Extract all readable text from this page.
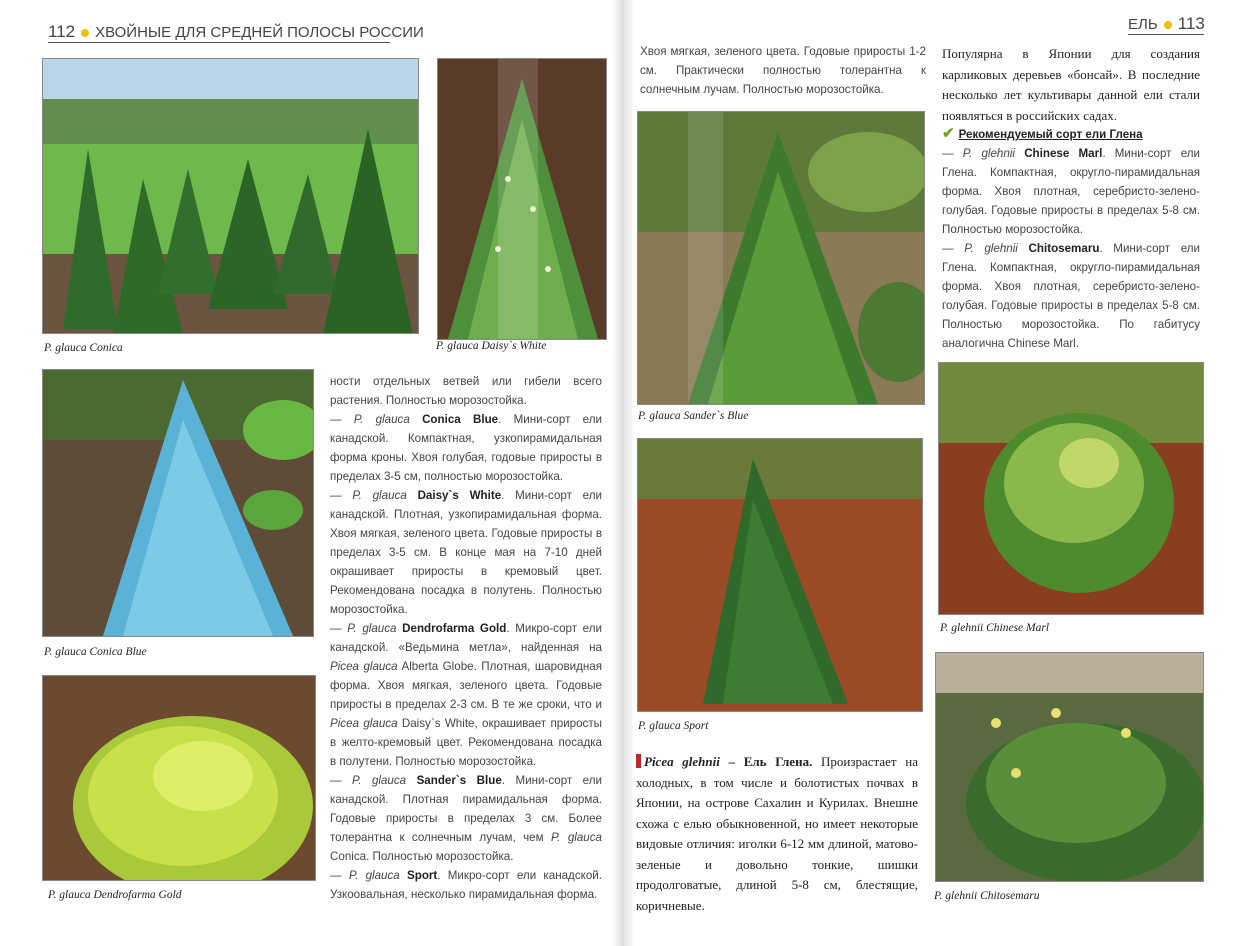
112 ХВОЙНЫЕ ДЛЯ СРЕДНЕЙ ПОЛОСЫ РОССИИ	ЕЛЬ 113
P. glauca Conica	P. glauca Daisy`s White
P. glauca Conica Blue
P. glauca Dendrofarma Gold

ности отдельных ветвей или гибели всего растения. Полностью морозостойка.

— P. glauca Conica Blue. Мини-сорт ели канадской. Компактная, узкопирамидальная форма кроны. Хвоя голубая, годовые приросты в пределах 3-5 см, полностью морозостойка.

— P. glauca Daisy`s White. Мини-сорт ели канадской. Плотная, узкопирамидальная форма. Хвоя мягкая, зеленого цвета. Годовые приросты в пределах 3-5 см. В конце мая на 7-10 дней окрашивает приросты в кремовый цвет. Рекомендована посадка в полутень. Полностью морозостойка.

— P. glauca Dendrofarma Gold. Микро-сорт ели канадской. «Ведьмина метла», найденная на Picea glauca Alberta Globe. Плотная, шаровидная форма. Хвоя мягкая, зеленого цвета. Годовые приросты в пределах 2-3 см. В те же сроки, что и Picea glauca Daisy`s White, окрашивает приросты в желто-кремовый цвет. Рекомендована посадка в полутени. Полностью морозостойка.

— P. glauca Sander`s Blue. Мини-сорт ели канадской. Плотная пирамидальная форма. Годовые приросты в пределах 3 см. Более толерантна к солнечным лучам, чем P. glauca Conica. Полностью морозостойка.

— P. glauca Sport. Микро-сорт ели канадской. Узкоовальная, несколько пирамидальная форма.

Хвоя мягкая, зеленого цвета. Годовые приросты 1-2 см. Практически полностью толерантна к солнечным лучам. Полностью морозостойка.

P. glauca Sander`s Blue
P. glauca Sport

Популярна в Японии для создания карликовых деревьев «бонсай». В последние несколько лет культивары данной ели стали появляться в российских садах.

✔ Рекомендуемый сорт ели Глена

— P. glehnii Chinese Marl. Мини-сорт ели Глена. Компактная, округло-пирамидальная форма. Хвоя плотная, серебристо-зелено-голубая. Годовые приросты в пределах 5-8 см. Полностью морозостойка.

— P. glehnii Chitosemaru. Мини-сорт ели Глена. Компактная, округло-пирамидальная форма. Хвоя плотная, серебристо-зелено-голубая. Годовые приросты в пределах 5-8 см. Полностью морозостойка. По габитусу аналогична Chinese Marl.

P. glehnii Chinese Marl
P. glehnii Chitosemaru

Picea glehnii – Ель Глена. Произрастает на холодных, в том числе и болотистых почвах в Японии, на острове Сахалин и Курилах. Внешне схожа с елью обыкновенной, но имеет некоторые видовые отличия: иголки 6-12 мм длиной, матово-зеленые и довольно тонкие, шишки продолговатые, длиной 5-8 см, блестящие, коричневые.
